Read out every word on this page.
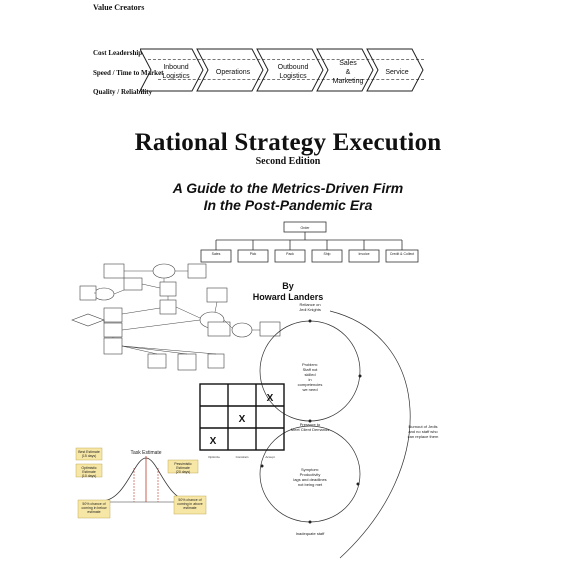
Value Creators
Cost Leadership
Speed / Time to Market
Quality / Reliability
Inbound
Logistics
Operations
Outbound
Logistics
Sales
&
Marketing
Service
Rational Strategy Execution
Second Edition
A Guide to the Metrics-Driven Firm
In the Post-Pandemic Era
Order
Sales	Pick	Pack	Ship	Invoice	Credit & Collect
By
Howard Landers
Reliance on
Jedi Knights
Problem:
Staff not
skilled
in
competencies
we need
Pressure to
Meet Client Demands
Symptom:
Productivity
lags and deadlines
not being met
Inadequate staff
Burnout of Jedis
and no staff who
can replace them
X
X
X
Optimize	Constrain	Accept
Task Estimate
Best Estimate
(15 days)
Optimistic
Estimate
(10 days)
Pessimistic
Estimate
(20 days)
50% chance of
coming in below
estimate
50% chance of
coming in above
estimate
